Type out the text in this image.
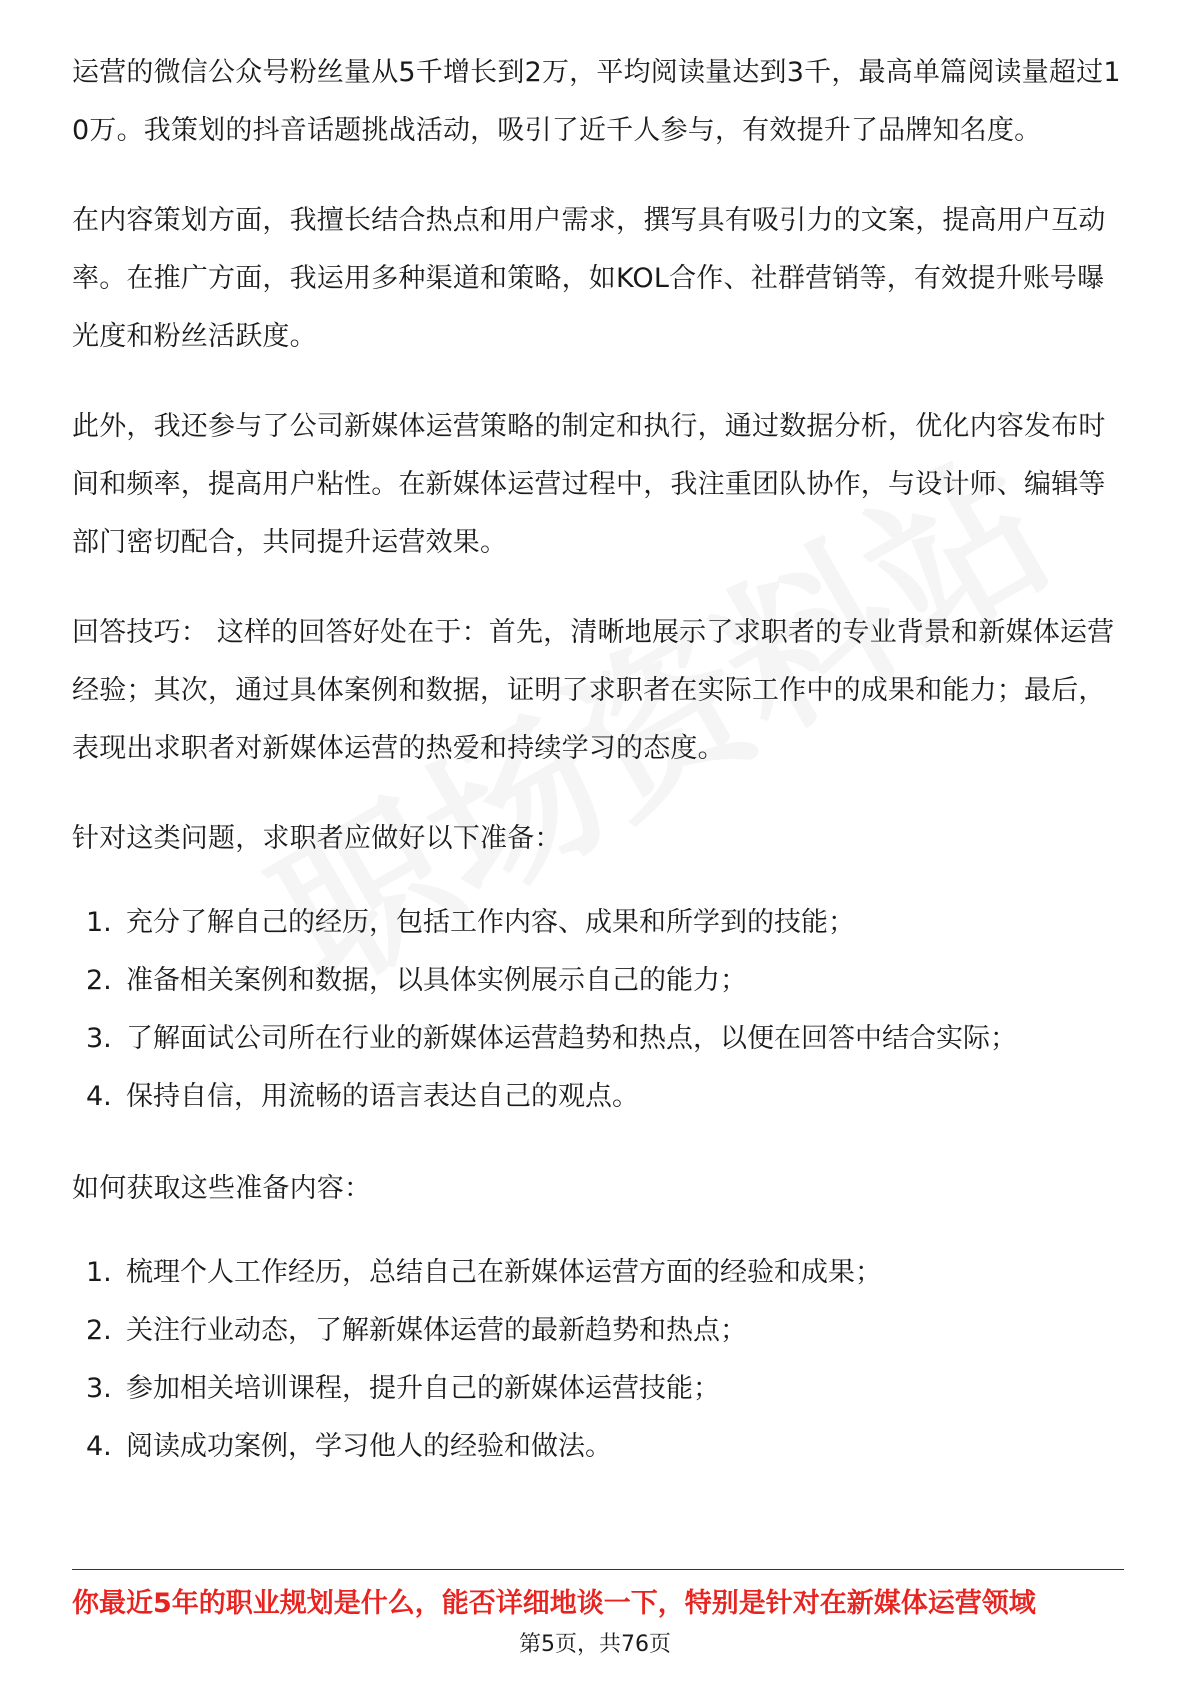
运营的微信公众号粉丝量从5千增长到2万，平均阅读量达到3千，最高单篇阅读量超过10万。我策划的抖音话题挑战活动，吸引了近千人参与，有效提升了品牌知名度。

在内容策划方面，我擅长结合热点和用户需求，撰写具有吸引力的文案，提高用户互动率。在推广方面，我运用多种渠道和策略，如KOL合作、社群营销等，有效提升账号曝光度和粉丝活跃度。

此外，我还参与了公司新媒体运营策略的制定和执行，通过数据分析，优化内容发布时间和频率，提高用户粘性。在新媒体运营过程中，我注重团队协作，与设计师、编辑等部门密切配合，共同提升运营效果。

回答技巧： 这样的回答好处在于：首先，清晰地展示了求职者的专业背景和新媒体运营经验；其次，通过具体案例和数据，证明了求职者在实际工作中的成果和能力；最后，表现出求职者对新媒体运营的热爱和持续学习的态度。

针对这类问题，求职者应做好以下准备：

1. 充分了解自己的经历，包括工作内容、成果和所学到的技能；
2. 准备相关案例和数据，以具体实例展示自己的能力；
3. 了解面试公司所在行业的新媒体运营趋势和热点，以便在回答中结合实际；
4. 保持自信，用流畅的语言表达自己的观点。

如何获取这些准备内容：

1. 梳理个人工作经历，总结自己在新媒体运营方面的经验和成果；
2. 关注行业动态，了解新媒体运营的最新趋势和热点；
3. 参加相关培训课程，提升自己的新媒体运营技能；
4. 阅读成功案例，学习他人的经验和做法。
你最近5年的职业规划是什么，能否详细地谈一下，特别是针对在新媒体运营领域
第5页，共76页
